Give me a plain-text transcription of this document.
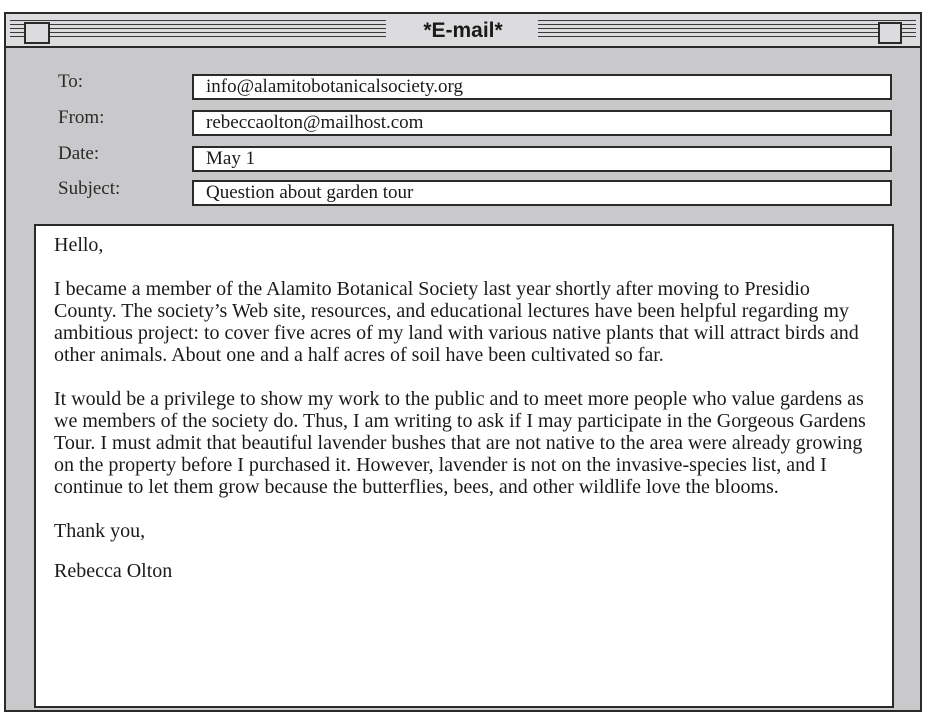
*E-mail*
To:	info@alamitobotanicalsociety.org
From:	rebeccaolton@mailhost.com
Date:	May 1
Subject:	Question about garden tour

Hello,

I became a member of the Alamito Botanical Society last year shortly after moving to Presidio County. The society’s Web site, resources, and educational lectures have been helpful regarding my ambitious project: to cover five acres of my land with various native plants that will attract birds and other animals. About one and a half acres of soil have been cultivated so far.

It would be a privilege to show my work to the public and to meet more people who value gardens as we members of the society do. Thus, I am writing to ask if I may participate in the Gorgeous Gardens Tour. I must admit that beautiful lavender bushes that are not native to the area were already growing on the property before I purchased it. However, lavender is not on the invasive-species list, and I continue to let them grow because the butterflies, bees, and other wildlife love the blooms.

Thank you,

Rebecca Olton
